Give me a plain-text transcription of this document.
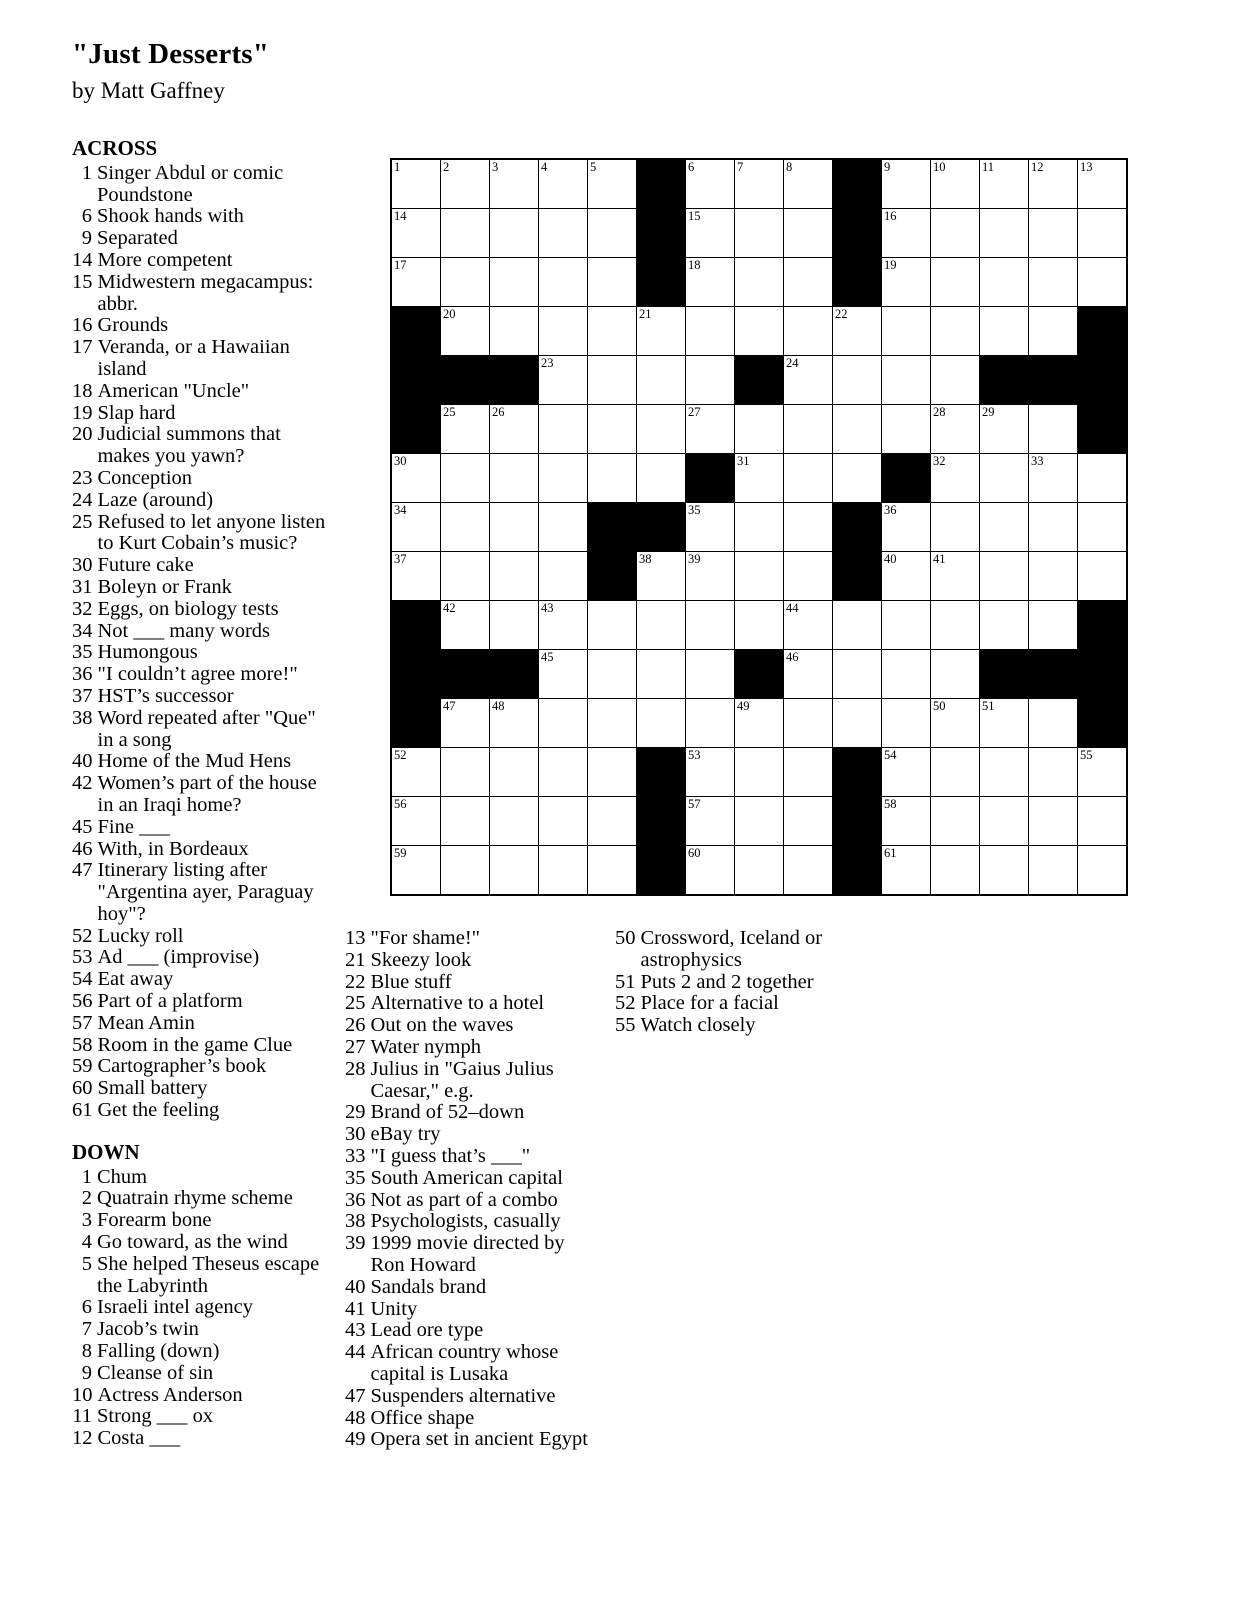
"Just Desserts"
by Matt Gaffney
ACROSS
1 Singer Abdul or comic Poundstone
6 Shook hands with
9 Separated
14 More competent
15 Midwestern megacampus: abbr.
16 Grounds
17 Veranda, or a Hawaiian island
18 American "Uncle"
19 Slap hard
20 Judicial summons that makes you yawn?
23 Conception
24 Laze (around)
25 Refused to let anyone listen to Kurt Cobain’s music?
30 Future cake
31 Boleyn or Frank
32 Eggs, on biology tests
34 Not ___ many words
35 Humongous
36 "I couldn’t agree more!"
37 HST’s successor
38 Word repeated after "Que" in a song
40 Home of the Mud Hens
42 Women’s part of the house in an Iraqi home?
45 Fine ___
46 With, in Bordeaux
47 Itinerary listing after "Argentina ayer, Paraguay hoy"?
52 Lucky roll
53 Ad ___ (improvise)
54 Eat away
56 Part of a platform
57 Mean Amin
58 Room in the game Clue
59 Cartographer’s book
60 Small battery
61 Get the feeling
DOWN
1 Chum
2 Quatrain rhyme scheme
3 Forearm bone
4 Go toward, as the wind
5 She helped Theseus escape the Labyrinth
6 Israeli intel agency
7 Jacob’s twin
8 Falling (down)
9 Cleanse of sin
10 Actress Anderson
11 Strong ___ ox
12 Costa ___
13 "For shame!"
21 Skeezy look
22 Blue stuff
25 Alternative to a hotel
26 Out on the waves
27 Water nymph
28 Julius in "Gaius Julius Caesar," e.g.
29 Brand of 52–down
30 eBay try
33 "I guess that’s ___"
35 South American capital
36 Not as part of a combo
38 Psychologists, casually
39 1999 movie directed by Ron Howard
40 Sandals brand
41 Unity
43 Lead ore type
44 African country whose capital is Lusaka
47 Suspenders alternative
48 Office shape
49 Opera set in ancient Egypt
50 Crossword, Iceland or astrophysics
51 Puts 2 and 2 together
52 Place for a facial
55 Watch closely
1	2	3	4	5		6	7	8		9	10	11	12	13

14						15				16				

17						18				19				

	20				21				22					

			23					24						

	25	26				27					28	29		

30							31				32		33	

34						35				36				

37					38	39				40	41			

	42		43					44						

			45					46						

	47	48					49				50	51		

52						53				54				55

56						57				58				

59						60				61				
